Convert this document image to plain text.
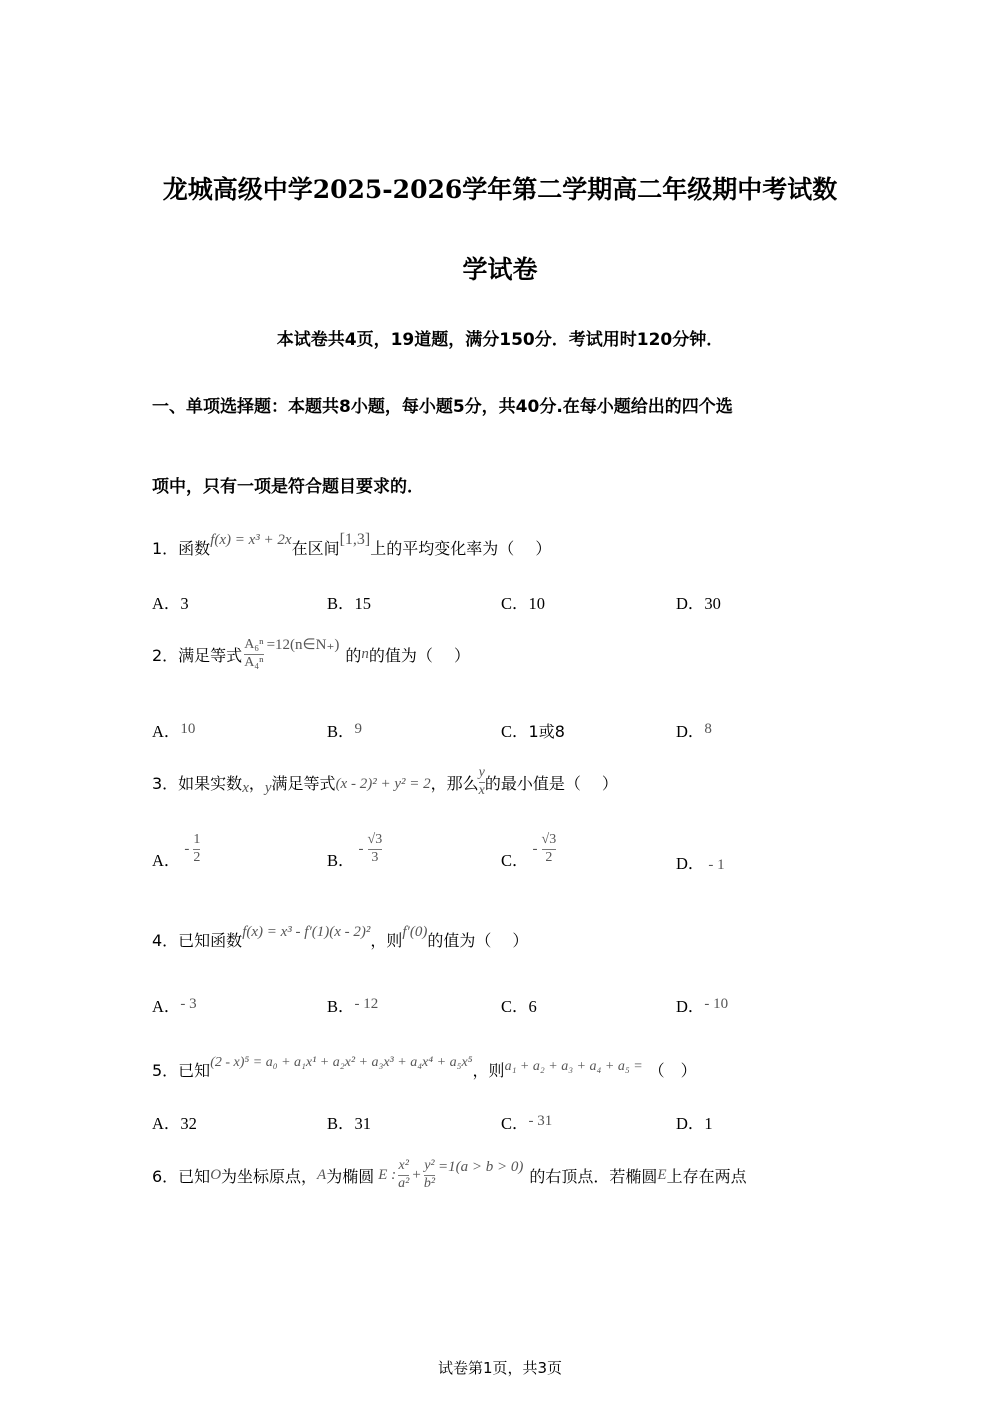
龙城高级中学2025-2026学年第二学期高二年级期中考试数
学试卷
本试卷共4页，19道题，满分150分．考试用时120分钟．
一、单项选择题：本题共8小题，每小题5分，共40分.在每小题给出的四个选
项中，只有一项是符合题目要求的．
1．函数f(x) = x³ + 2x在区间[1,3]上的平均变化率为（　 ）
A．3	B．15	C．10	D．30
2．满足等式 $\frac{\text{A₆ⁿ}}{\text{A₄ⁿ}}$ =12(n∈N₊)
的 n 的值为（　 ）
A．10	B．9	C．1或8	D．8
3．如果实数 x ， y 满足等式 (x - 2)² + y² = 2 ，那么 $\frac{y}{x}$ 的最小值是（　 ）
A．
- $\frac{1}{2}$	B．
- $\frac{√3}{3}$	C．
- $\frac{√3}{2}$	D． - 1
4．已知函数f(x) = x³ - f′(1)(x - 2)²，则f′(0)的值为（　 ）
A．- 3	B．- 12	C．6	D．- 10
5．已知(2 - x)⁵ = a₀ + a₁x¹ + a₂x² + a₃x³ + a₄x⁴ + a₅x⁵，则a₁ + a₂ + a₃ + a₄ + a₅ = （　）
A．32	B．31	C．- 31	D．1
6．已知 O 为坐标原点， A 为椭圆 E : $\frac{\text{x²}}{\text{a²}} + \frac{\text{y²}}{\text{b²}} =1(a > b > 0)$ 的右顶点．若椭圆 E 上存在两点
试卷第1页，共3页
